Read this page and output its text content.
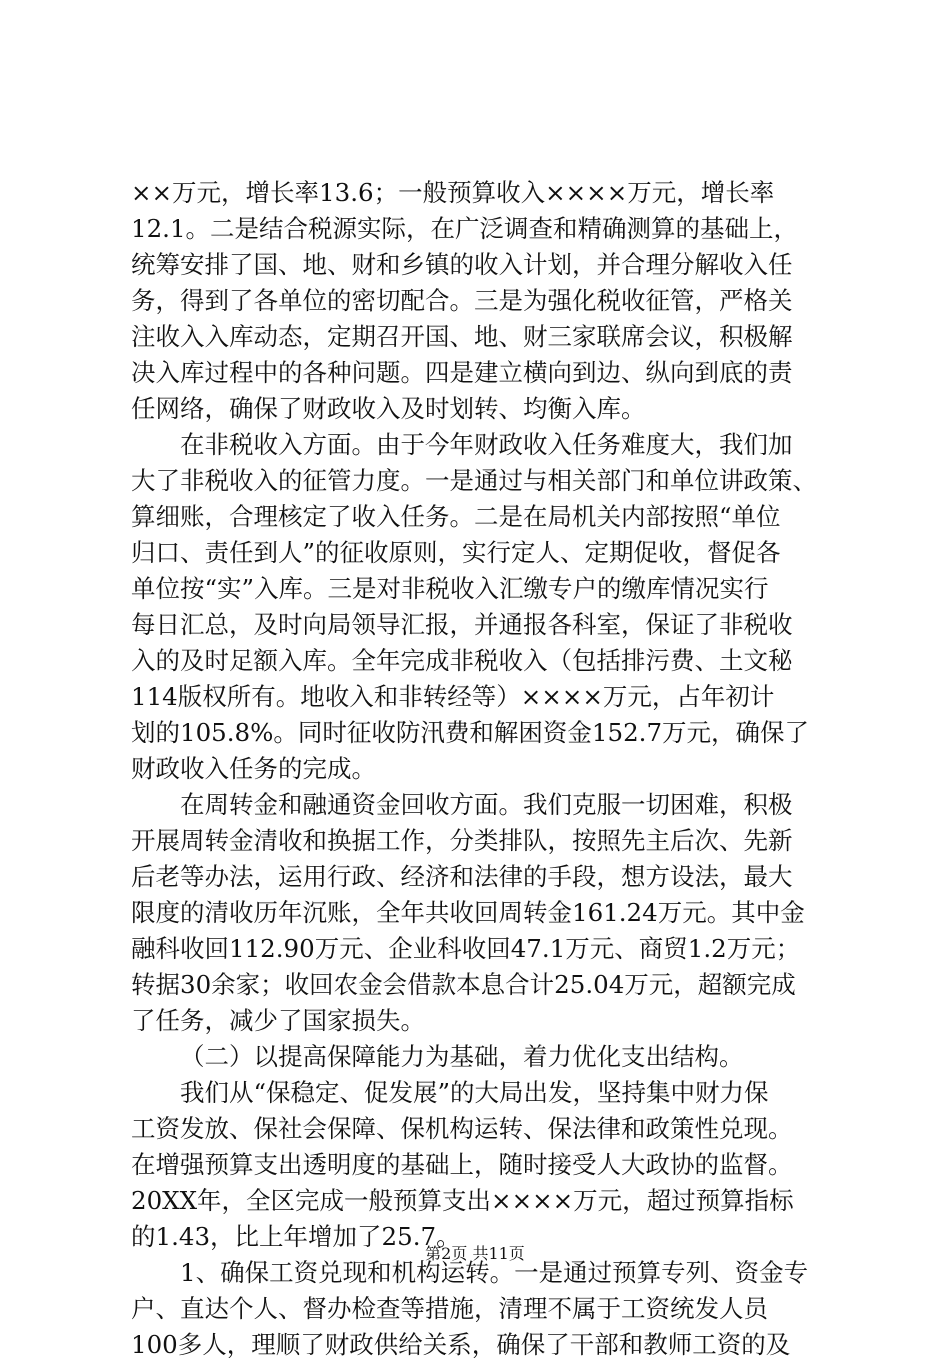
××万元，增长率13.6；一般预算收入××××万元，增长率
12.1。二是结合税源实际，在广泛调查和精确测算的基础上，
统筹安排了国、地、财和乡镇的收入计划，并合理分解收入任
务，得到了各单位的密切配合。三是为强化税收征管，严格关
注收入入库动态，定期召开国、地、财三家联席会议，积极解
决入库过程中的各种问题。四是建立横向到边、纵向到底的责
任网络，确保了财政收入及时划转、均衡入库。
在非税收入方面。由于今年财政收入任务难度大，我们加
大了非税收入的征管力度。一是通过与相关部门和单位讲政策、
算细账，合理核定了收入任务。二是在局机关内部按照“单位
归口、责任到人”的征收原则，实行定人、定期促收，督促各
单位按“实”入库。三是对非税收入汇缴专户的缴库情况实行
每日汇总，及时向局领导汇报，并通报各科室，保证了非税收
入的及时足额入库。全年完成非税收入（包括排污费、土文秘
114版权所有。地收入和非转经等）××××万元，占年初计
划的105.8%。同时征收防汛费和解困资金152.7万元，确保了
财政收入任务的完成。
在周转金和融通资金回收方面。我们克服一切困难，积极
开展周转金清收和换据工作，分类排队，按照先主后次、先新
后老等办法，运用行政、经济和法律的手段，想方设法，最大
限度的清收历年沉账，全年共收回周转金161.24万元。其中金
融科收回112.90万元、企业科收回47.1万元、商贸1.2万元；
转据30余家；收回农金会借款本息合计25.04万元，超额完成
了任务，减少了国家损失。
（二）以提高保障能力为基础，着力优化支出结构。
我们从“保稳定、促发展”的大局出发，坚持集中财力保
工资发放、保社会保障、保机构运转、保法律和政策性兑现。
在增强预算支出透明度的基础上，随时接受人大政协的监督。
20XX年，全区完成一般预算支出××××万元，超过预算指标
的1.43，比上年增加了25.7。
1、确保工资兑现和机构运转。一是通过预算专列、资金专
户、直达个人、督办检查等措施，清理不属于工资统发人员
100多人，理顺了财政供给关系，确保了干部和教师工资的及
第2页 共11页
